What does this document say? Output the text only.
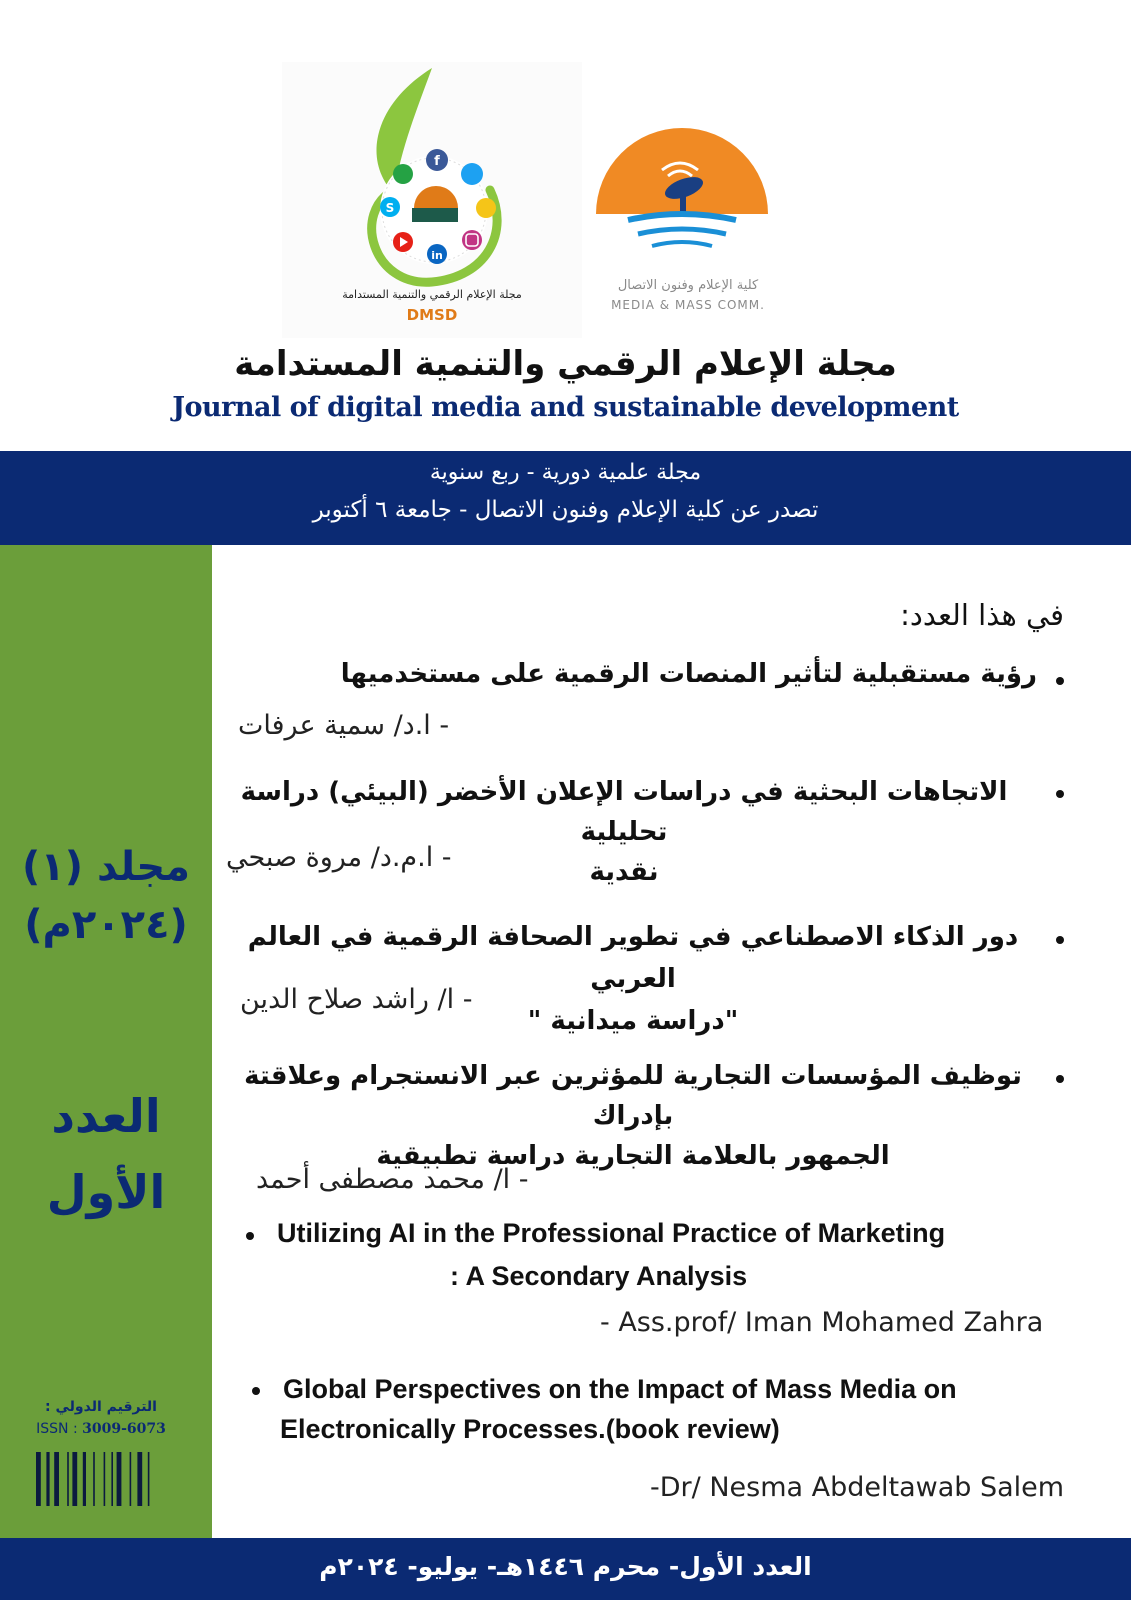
f
S
in
مجلة الإعلام الرقمي والتنمية المستدامة
DMSD
كلية الإعلام وفنون الاتصال
MEDIA & MASS COMM.
مجلة الإعلام الرقمي والتنمية المستدامة
Journal of digital media and sustainable development
مجلة علمية دورية - ربع سنوية
تصدر عن كلية الإعلام وفنون الاتصال - جامعة ٦ أكتوبر
مجلد (١)
(٢٠٢٤م)
العدد
الأول
الترقيم الدولي :
ISSN : 3009-6073
في هذا العدد:
رؤية مستقبلية لتأثير المنصات الرقمية على مستخدميها
- ا.د/ سمية عرفات
الاتجاهات البحثية في دراسات الإعلان الأخضر (البيئي) دراسة تحليلية
نقدية
- ا.م.د/ مروة صبحي
دور الذكاء الاصطناعي في تطوير الصحافة الرقمية في العالم العربي
"دراسة ميدانية "
- ا/ راشد صلاح الدين
توظيف المؤسسات التجارية للمؤثرين عبر الانستجرام وعلاقتة بإدراك
الجمهور بالعلامة التجارية دراسة تطبيقية
- ا/ محمد مصطفى أحمد
Utilizing AI in the Professional Practice of Marketing
: A Secondary Analysis
- Ass.prof/ Iman Mohamed Zahra
Global Perspectives on the Impact of Mass Media on
Electronically Processes.(book review)
-Dr/ Nesma Abdeltawab Salem
العدد الأول- محرم ١٤٤٦هـ- يوليو- ٢٠٢٤م
